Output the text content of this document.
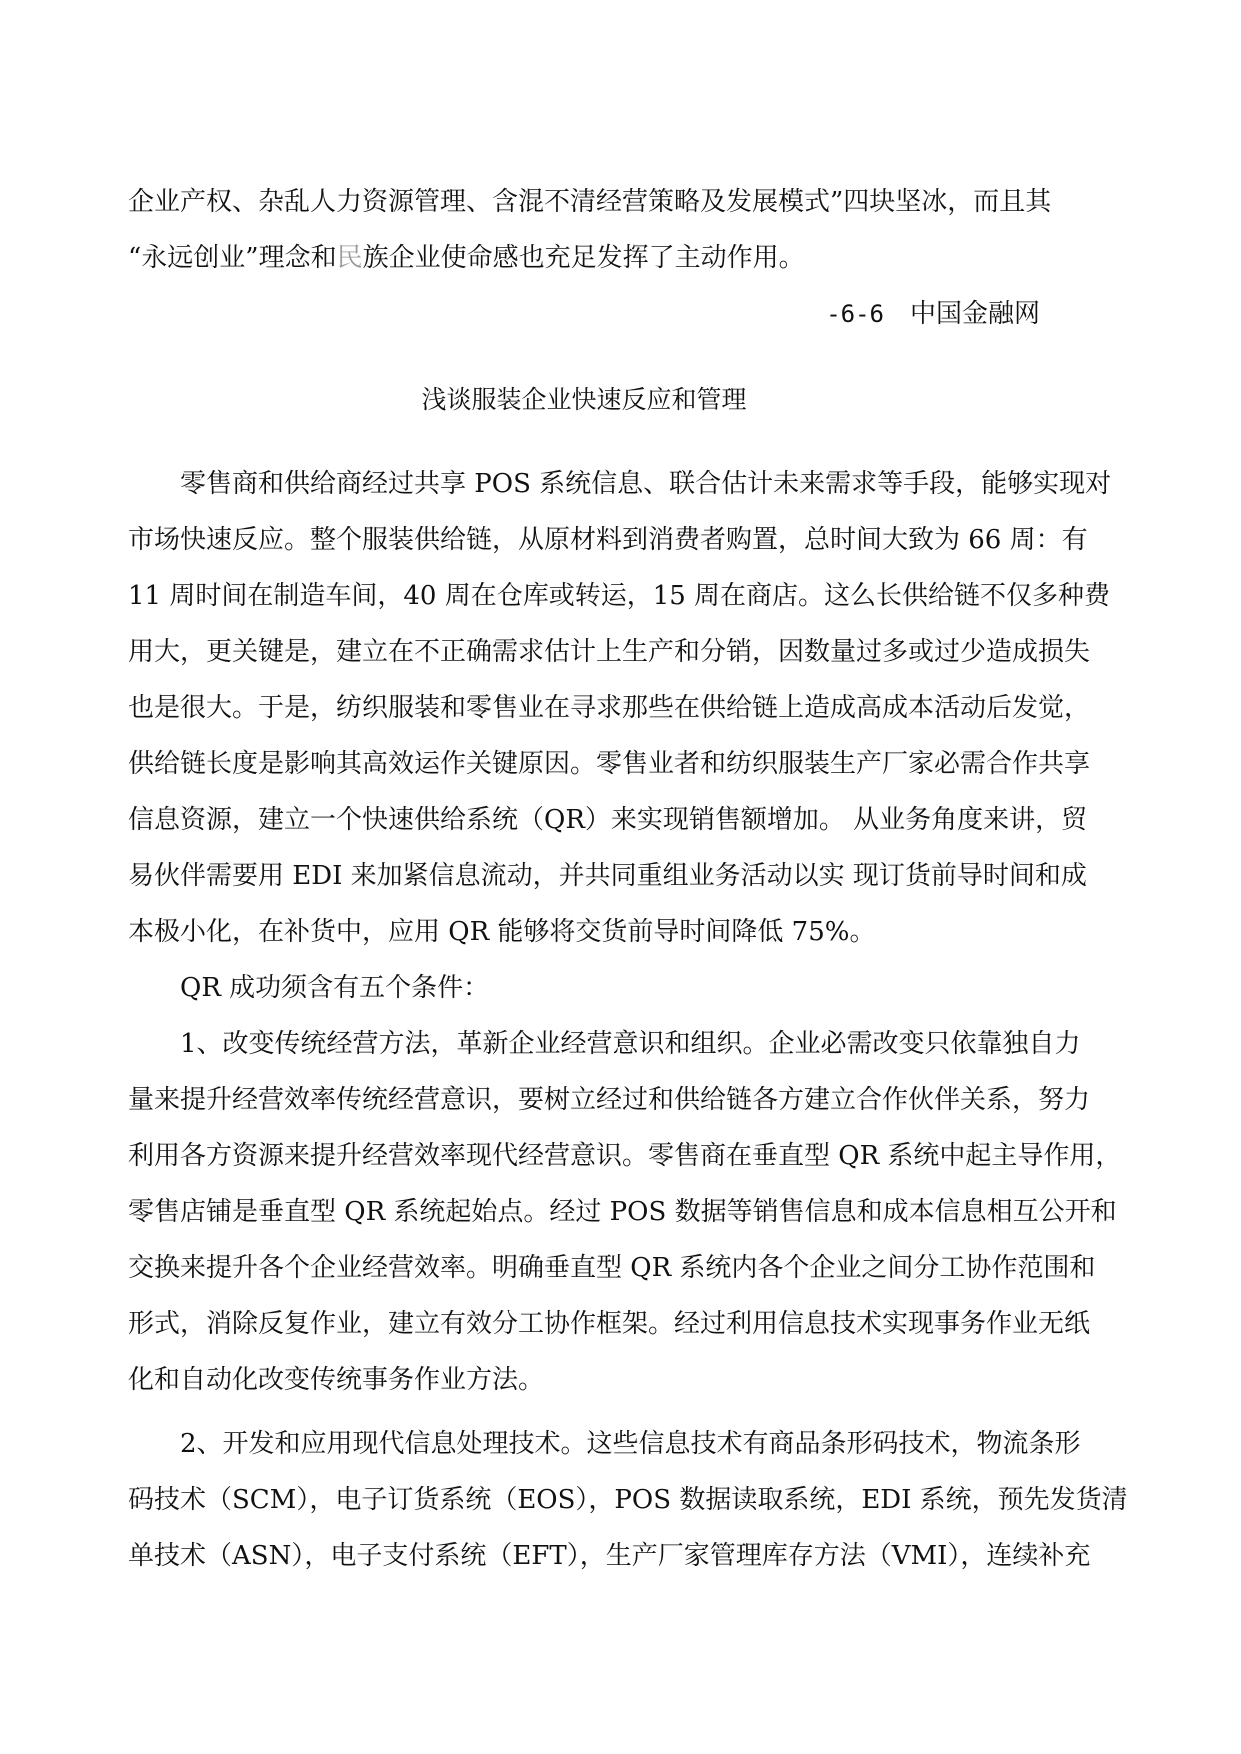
企业产权、杂乱人力资源管理、含混不清经营策略及发展模式”四块坚冰，而且其
“永远创业”理念和民族企业使命感也充足发挥了主动作用。
-6-6 中国金融网
浅谈服装企业快速反应和管理
零售商和供给商经过共享 POS 系统信息、联合估计未来需求等手段，能够实现对
市场快速反应。整个服装供给链，从原材料到消费者购置，总时间大致为 66 周：有
11 周时间在制造车间，40 周在仓库或转运，15 周在商店。这么长供给链不仅多种费
用大，更关键是，建立在不正确需求估计上生产和分销，因数量过多或过少造成损失
也是很大。于是，纺织服装和零售业在寻求那些在供给链上造成高成本活动后发觉，
供给链长度是影响其高效运作关键原因。零售业者和纺织服装生产厂家必需合作共享
信息资源，建立一个快速供给系统（QR）来实现销售额增加。 从业务角度来讲，贸
易伙伴需要用 EDI 来加紧信息流动，并共同重组业务活动以实 现订货前导时间和成
本极小化，在补货中，应用 QR 能够将交货前导时间降低 75%。
QR 成功须含有五个条件：
1、改变传统经营方法，革新企业经营意识和组织。企业必需改变只依靠独自力
量来提升经营效率传统经营意识，要树立经过和供给链各方建立合作伙伴关系，努力
利用各方资源来提升经营效率现代经营意识。零售商在垂直型 QR 系统中起主导作用，
零售店铺是垂直型 QR 系统起始点。经过 POS 数据等销售信息和成本信息相互公开和
交换来提升各个企业经营效率。明确垂直型 QR 系统内各个企业之间分工协作范围和
形式，消除反复作业，建立有效分工协作框架。经过利用信息技术实现事务作业无纸
化和自动化改变传统事务作业方法。
2、开发和应用现代信息处理技术。这些信息技术有商品条形码技术，物流条形
码技术（SCM），电子订货系统（EOS），POS 数据读取系统，EDI 系统，预先发货清
单技术（ASN），电子支付系统（EFT），生产厂家管理库存方法（VMI），连续补充
